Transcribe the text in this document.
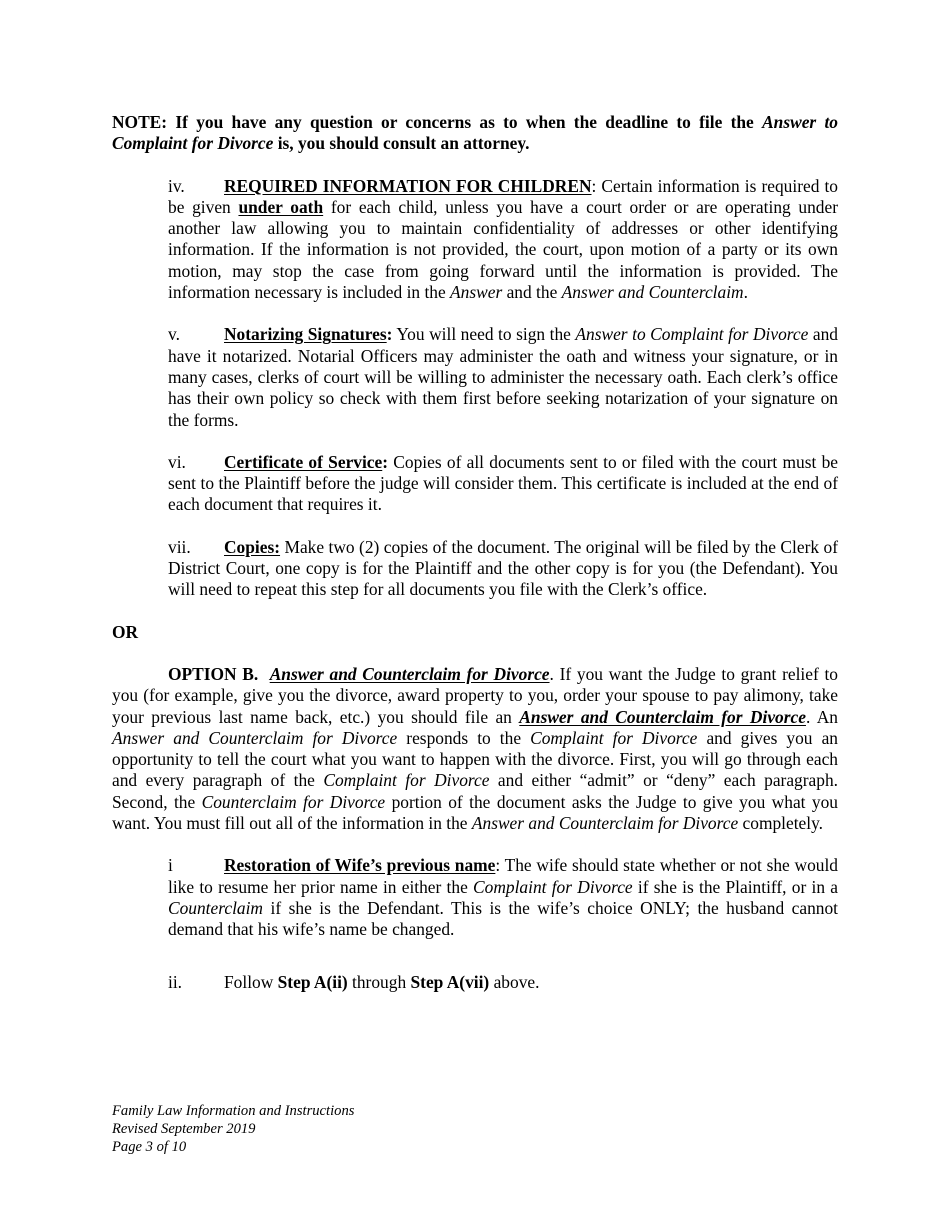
NOTE: If you have any question or concerns as to when the deadline to file the Answer to Complaint for Divorce is, you should consult an attorney.

iv. REQUIRED INFORMATION FOR CHILDREN: Certain information is required to be given under oath for each child, unless you have a court order or are operating under another law allowing you to maintain confidentiality of addresses or other identifying information. If the information is not provided, the court, upon motion of a party or its own motion, may stop the case from going forward until the information is provided. The information necessary is included in the Answer and the Answer and Counterclaim.

v.	Notarizing Signatures: You will need to sign the Answer to Complaint for Divorce and have it notarized. Notarial Officers may administer the oath and witness your signature, or in many cases, clerks of court will be willing to administer the necessary oath. Each clerk’s office has their own policy so check with them first before seeking notarization of your signature on the forms.

vi. Certificate of Service: Copies of all documents sent to or filed with the court must be sent to the Plaintiff before the judge will consider them. This certificate is included at the end of each document that requires it.

vii. Copies: Make two (2) copies of the document. The original will be filed by the Clerk of District Court, one copy is for the Plaintiff and the other copy is for you (the Defendant). You will need to repeat this step for all documents you file with the Clerk’s office.

OR

OPTION B. Answer and Counterclaim for Divorce. If you want the Judge to grant relief to you (for example, give you the divorce, award property to you, order your spouse to pay alimony, take your previous last name back, etc.) you should file an Answer and Counterclaim for Divorce. An Answer and Counterclaim for Divorce responds to the Complaint for Divorce and gives you an opportunity to tell the court what you want to happen with the divorce. First, you will go through each and every paragraph of the Complaint for Divorce and either “admit” or “deny” each paragraph. Second, the Counterclaim for Divorce portion of the document asks the Judge to give you what you want. You must fill out all of the information in the Answer and Counterclaim for Divorce completely.

i	Restoration of Wife’s previous name: The wife should state whether or not she would like to resume her prior name in either the Complaint for Divorce if she is the Plaintiff, or in a Counterclaim if she is the Defendant. This is the wife’s choice ONLY; the husband cannot demand that his wife’s name be changed.

ii. Follow Step A(ii) through Step A(vii) above.

Family Law Information and Instructions
Revised September 2019
Page 3 of 10
